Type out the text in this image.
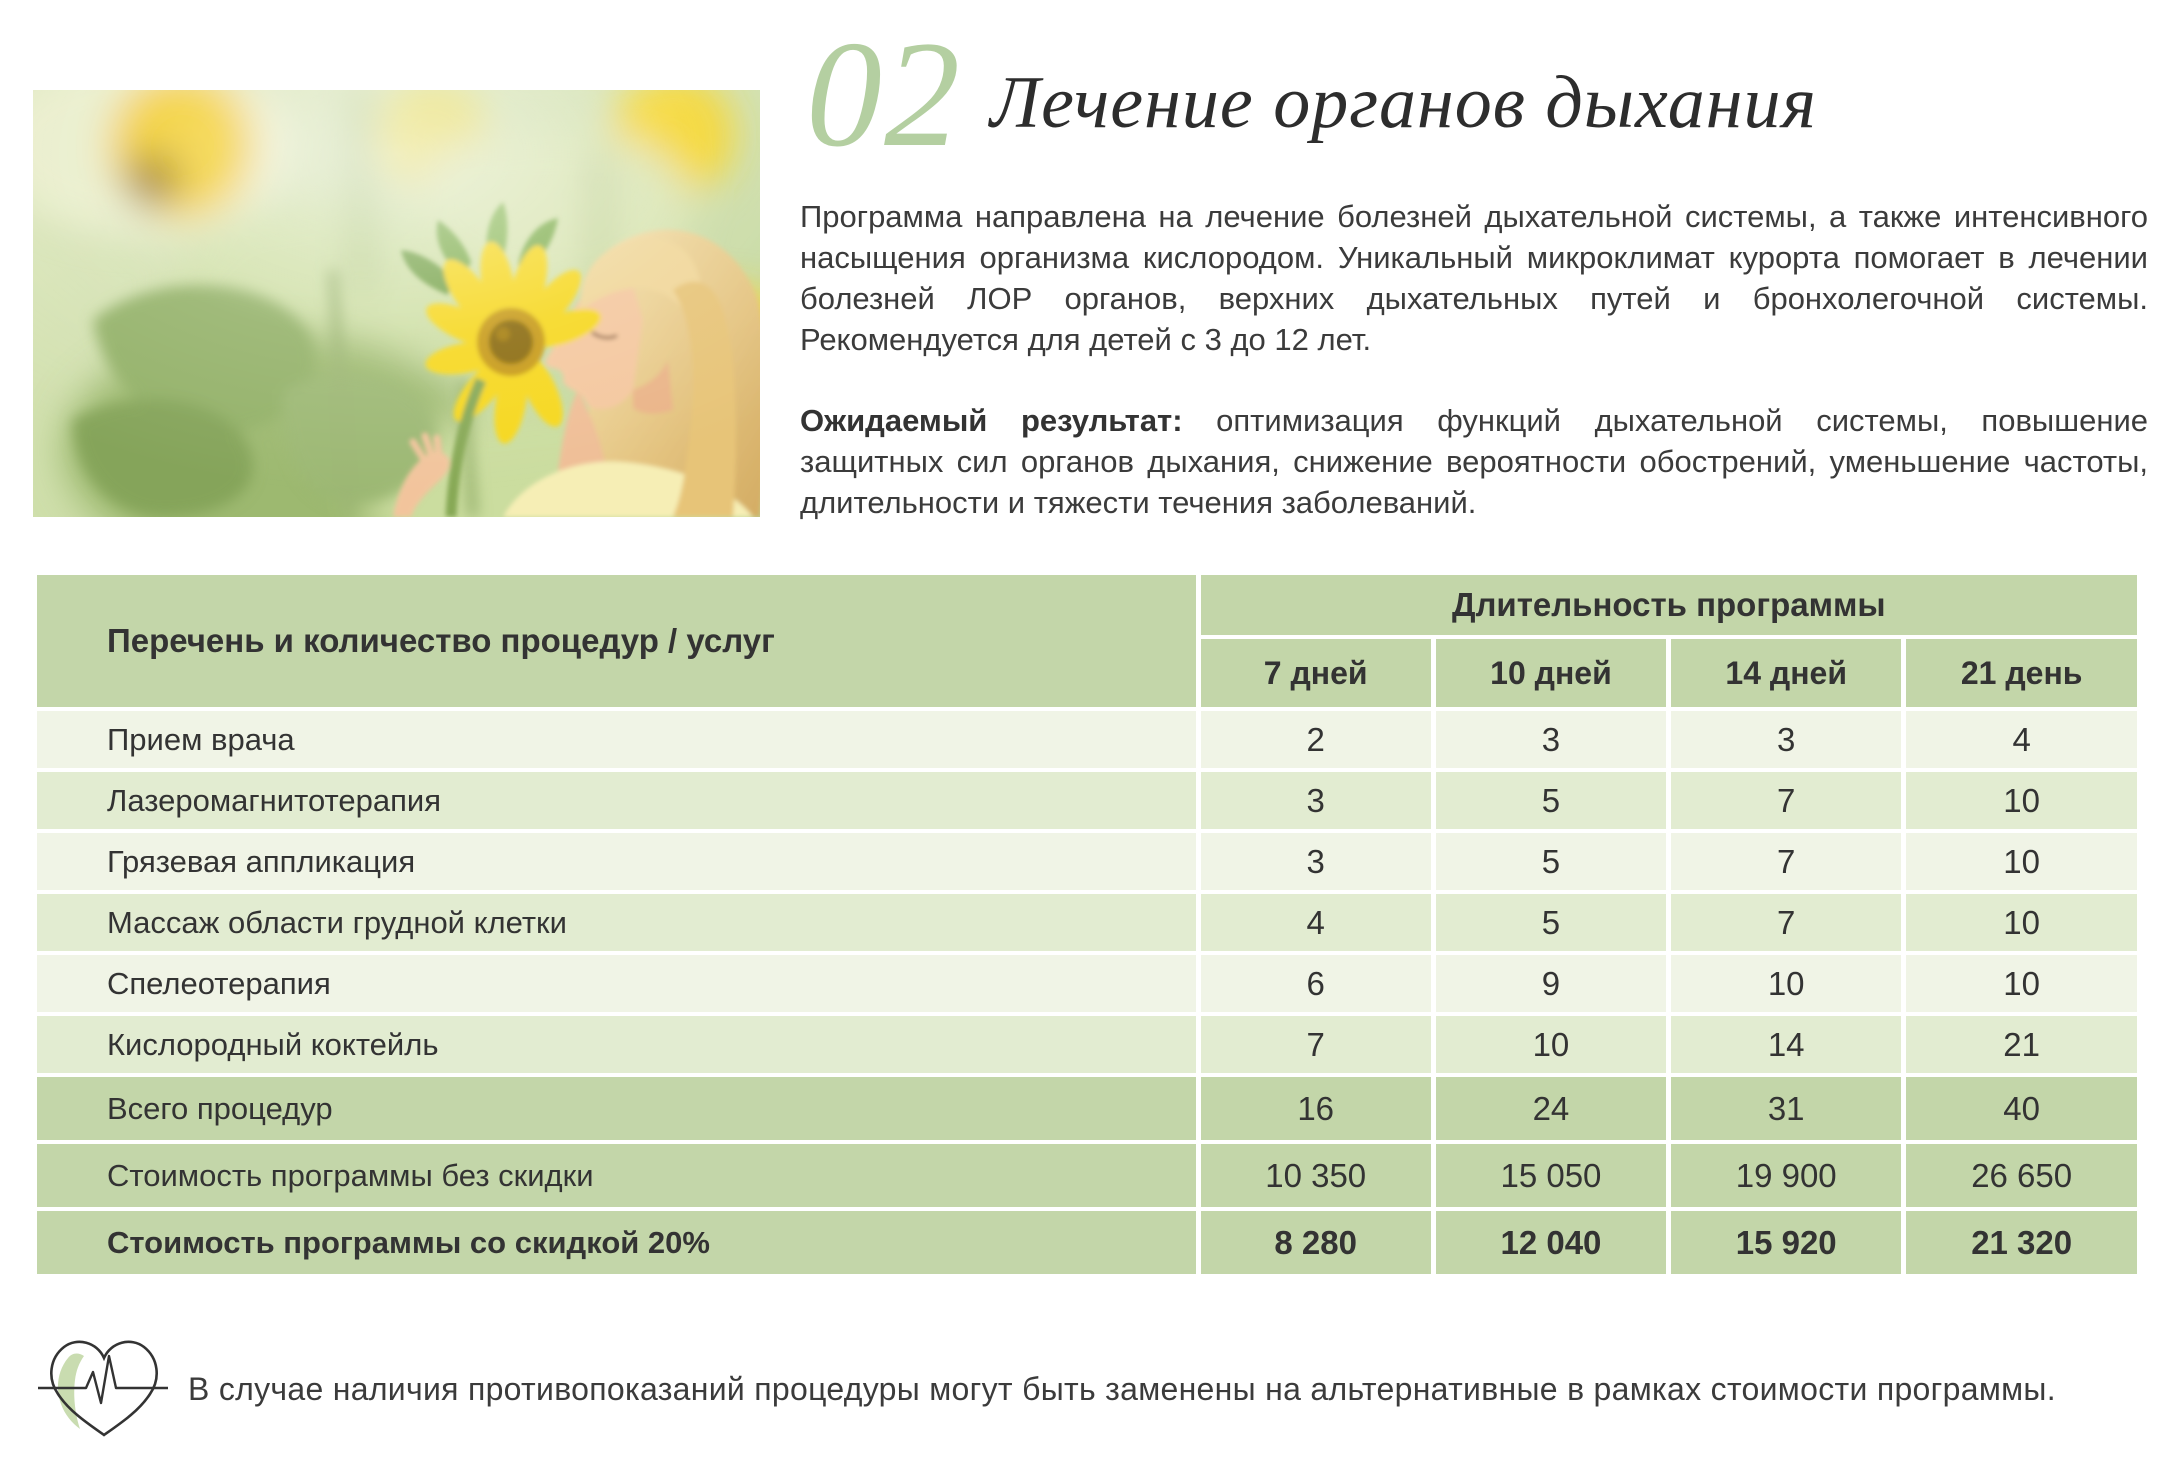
02 Лечение органов дыхания

Программа направлена на лечение болезней дыхательной системы, а также интенсивного насыщения организма кислородом. Уникальный микроклимат курорта помогает в лечении болезней ЛОР органов, верхних дыхательных путей и бронхолегочной системы. Рекомендуется для детей с 3 до 12 лет.

Ожидаемый результат: оптимизация функций дыхательной системы, повышение защитных сил органов дыхания, снижение вероятности обострений, уменьшение частоты, длительности и тяжести течения заболеваний.

Перечень и количество процедур / услуг	Длительность программы			
	7 дней	10 дней	14 дней	21 день
Прием врача	2	3	3	4
Лазеромагнитотерапия	3	5	7	10
Грязевая аппликация	3	5	7	10
Массаж области грудной клетки	4	5	7	10
Спелеотерапия	6	9	10	10
Кислородный коктейль	7	10	14	21
Всего процедур	16	24	31	40
Стоимость программы без скидки	10 350	15 050	19 900	26 650
Стоимость программы со скидкой 20%	8 280	12 040	15 920	21 320
В случае наличия противопоказаний процедуры могут быть заменены на альтернативные в рамках стоимости программы.
